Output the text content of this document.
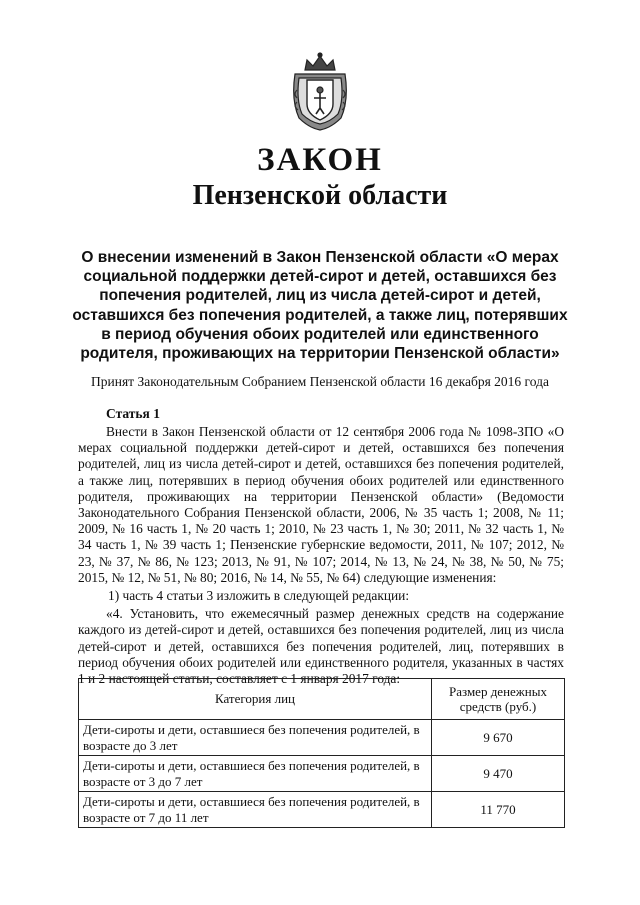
ЗАКОН
Пензенской области
О внесении изменений в Закон Пензенской области «О мерах социальной поддержки детей-сирот и детей, оставшихся без попечения родителей, лиц из числа детей-сирот и детей, оставшихся без попечения родителей, а также лиц, потерявших в период обучения обоих родителей или единственного родителя, проживающих на территории Пензенской области»
Принят Законодательным Собранием Пензенской области 16 декабря 2016 года
Статья 1

Внести в Закон Пензенской области от 12 сентября 2006 года № 1098-ЗПО «О мерах социальной поддержки детей-сирот и детей, оставшихся без попечения родителей, лиц из числа детей-сирот и детей, оставшихся без попечения родителей, а также лиц, потерявших в период обучения обоих родителей или единственного родителя, проживающих на территории Пензенской области» (Ведомости Законодательного Собрания Пензенской области, 2006, № 35 часть 1; 2008, № 11; 2009, № 16 часть 1, № 20 часть 1; 2010, № 23 часть 1, № 30; 2011, № 32 часть 1, № 34 часть 1, № 39 часть 1; Пензенские губернские ведомости, 2011, № 107; 2012, № 23, № 37, № 86, № 123; 2013, № 91, № 107; 2014, № 13, № 24, № 38, № 50, № 75; 2015, № 12, № 51, № 80; 2016, № 14, № 55, № 64) следующие изменения:

1) часть 4 статьи 3 изложить в следующей редакции:

«4. Установить, что ежемесячный размер денежных средств на содержание каждого из детей-сирот и детей, оставшихся без попечения родителей, лиц из числа детей-сирот и детей, оставшихся без попечения родителей, лиц, потерявших в период обучения обоих родителей или единственного родителя, указанных в частях 1 и 2 настоящей статьи, составляет с 1 января 2017 года:

Категория лиц	Размер денежных средств (руб.)
Дети-сироты и дети, оставшиеся без попечения родителей, в возрасте до 3 лет	9 670
Дети-сироты и дети, оставшиеся без попечения родителей, в возрасте от 3 до 7 лет	9 470
Дети-сироты и дети, оставшиеся без попечения родителей, в возрасте от 7 до 11 лет	11 770
